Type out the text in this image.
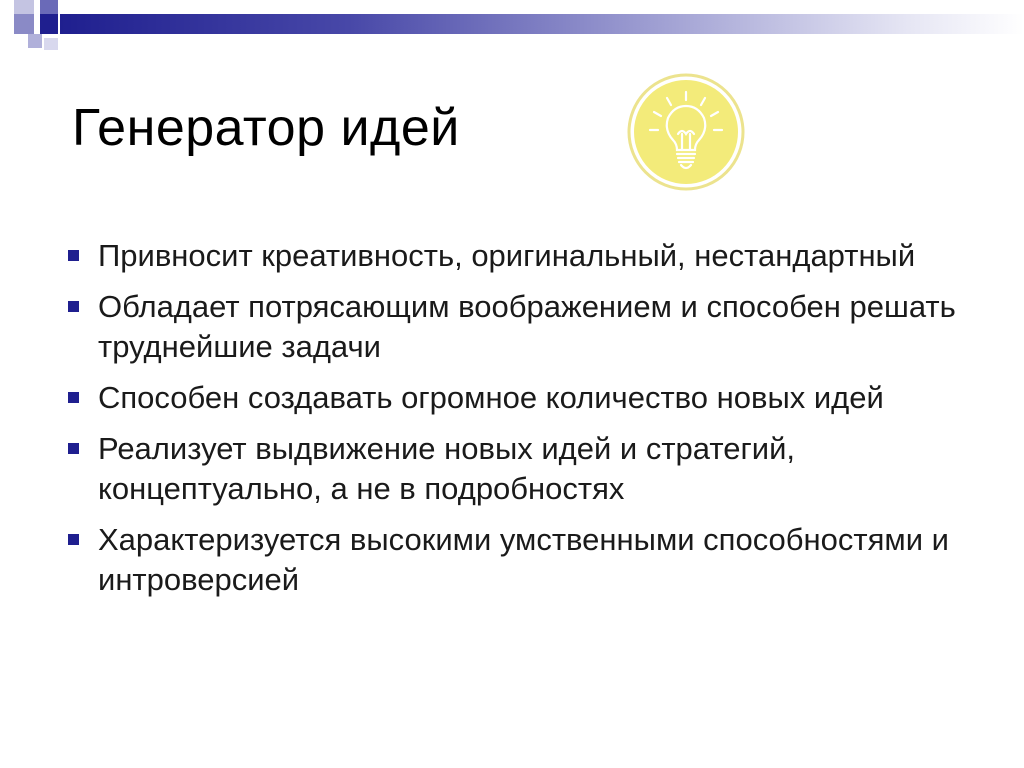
Генератор идей
Привносит креативность, оригинальный, нестандартный
Обладает потрясающим воображением и способен решать труднейшие задачи
Способен создавать огромное количество новых идей
Реализует выдвижение новых идей и стратегий, концептуально, а не в подробностях
Характеризуется высокими умственными способностями и интроверсией
